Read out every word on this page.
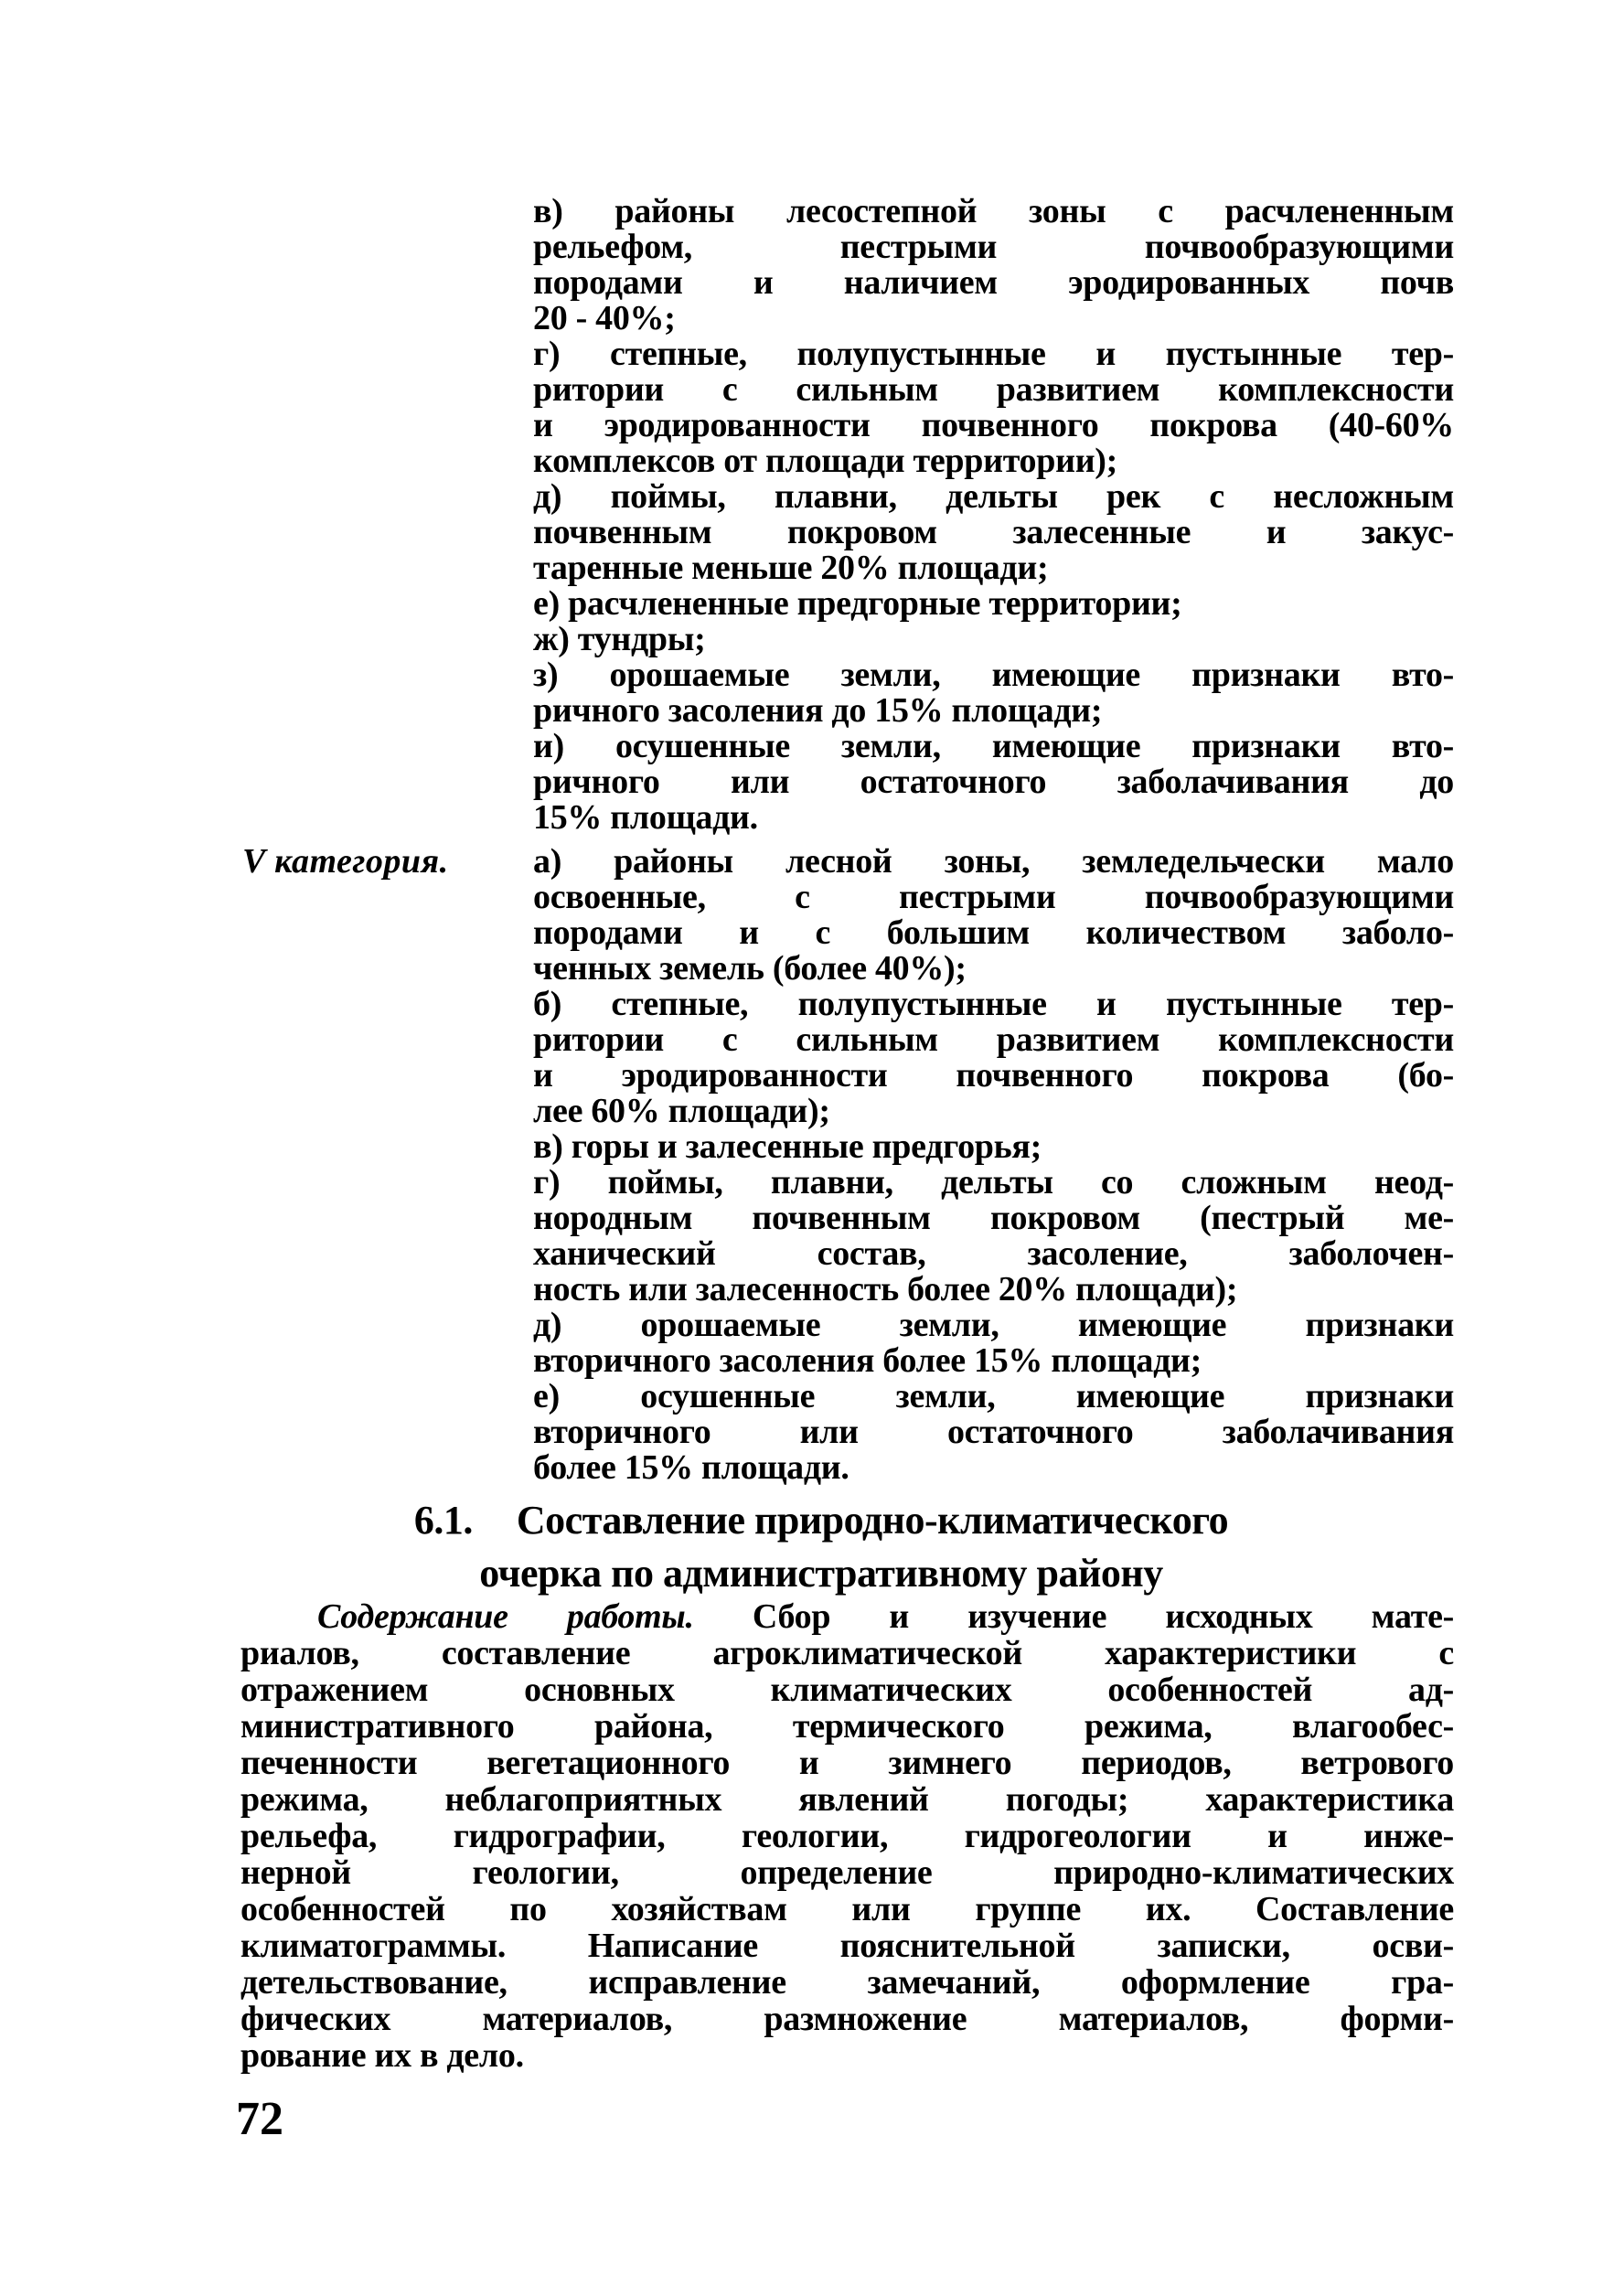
в) районы лесостепной зоны с расчлененным
рельефом, пестрыми почвообразующими
породами и наличием эродированных почв
20 - 40%;
г) степные, полупустынные и пустынные тер-
ритории с сильным развитием комплексности
и эродированности почвенного покрова (40-60%
комплексов от площади территории);
д) поймы, плавни, дельты рек с несложным
почвенным покровом залесенные и закус-
таренные меньше 20% площади;
е) расчлененные предгорные территории;
ж) тундры;
з) орошаемые земли, имеющие признаки вто-
ричного засоления до 15% площади;
и) осушенные земли, имеющие признаки вто-
ричного или остаточного заболачивания до
15% площади.
V категория.	а) районы лесной зоны, земледельчески мало
освоенные, с пестрыми почвообразующими
породами и с большим количеством заболо-
ченных земель (более 40%);
б) степные, полупустынные и пустынные тер-
ритории с сильным развитием комплексности
и эродированности почвенного покрова (бо-
лее 60% площади);
в) горы и залесенные предгорья;
г) поймы, плавни, дельты со сложным неод-
нородным почвенным покровом (пестрый ме-
ханический состав, засоление, заболочен-
ность или залесенность более 20% площади);
д) орошаемые земли, имеющие признаки
вторичного засоления более 15% площади;
е) осушенные земли, имеющие признаки
вторичного или остаточного заболачивания
более 15% площади.
6.1. Составление природно-климатического
очерка по административному району
Содержание работы. Сбор и изучение исходных мате-
риалов, составление агроклиматической характеристики с
отражением основных климатических особенностей ад-
министративного района, термического режима, влагообес-
печенности вегетационного и зимнего периодов, ветрового
режима, неблагоприятных явлений погоды; характеристика
рельефа, гидрографии, геологии, гидрогеологии и инже-
нерной геологии, определение природно-климатических
особенностей по хозяйствам или группе их. Составление
климатограммы. Написание пояснительной записки, осви-
детельствование, исправление замечаний, оформление гра-
фических материалов, размножение материалов, форми-
рование их в дело.
72
